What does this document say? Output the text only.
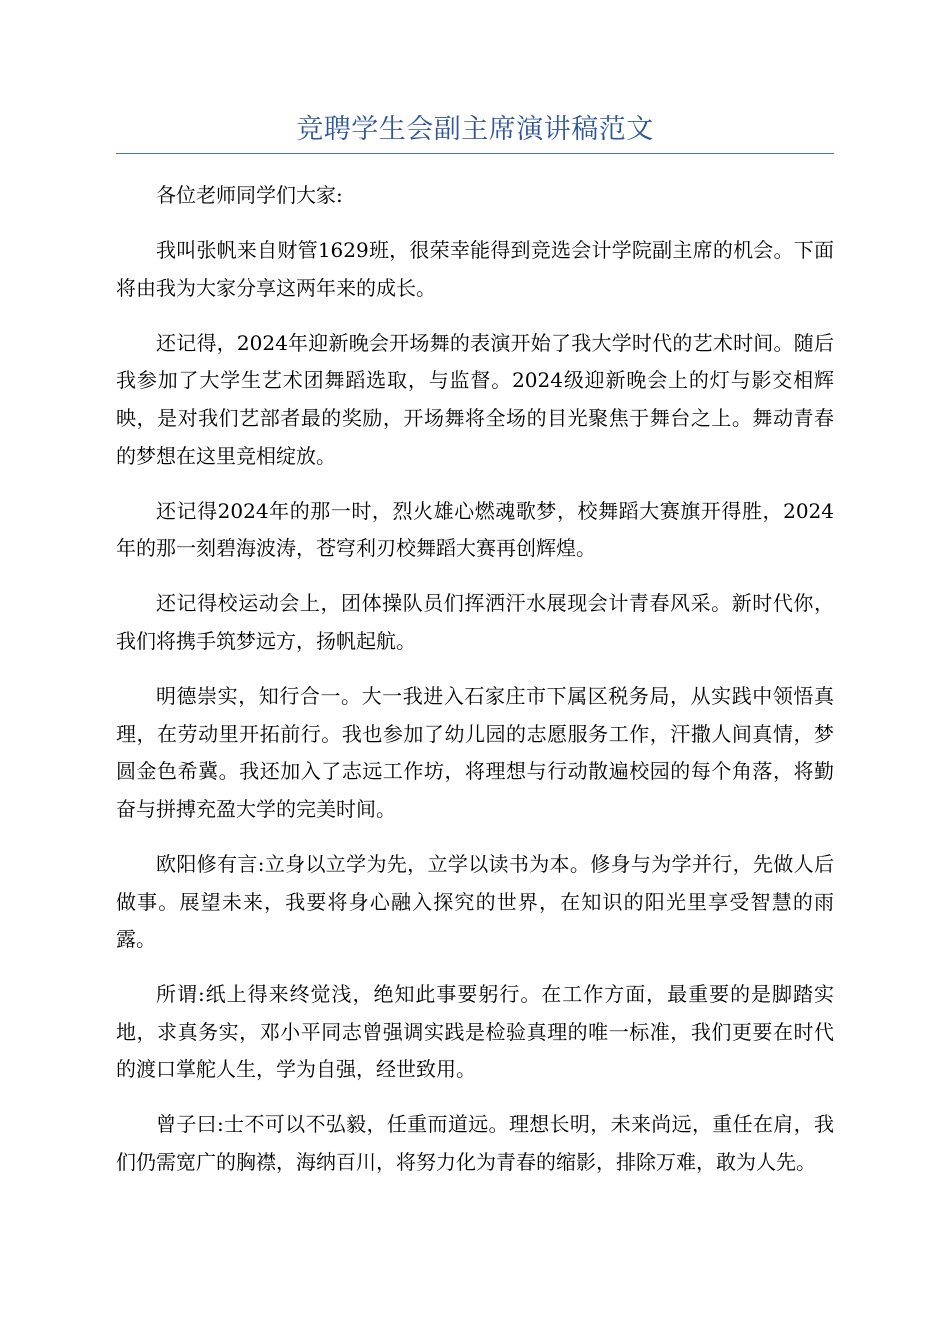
竞聘学生会副主席演讲稿范文

各位老师同学们大家:

我叫张帆来自财管1629班，很荣幸能得到竞选会计学院副主席的机会。下面将由我为大家分享这两年来的成长。

还记得，2024年迎新晚会开场舞的表演开始了我大学时代的艺术时间。随后我参加了大学生艺术团舞蹈选取，与监督。2024级迎新晚会上的灯与影交相辉映，是对我们艺部者最的奖励，开场舞将全场的目光聚焦于舞台之上。舞动青春的梦想在这里竞相绽放。

还记得2024年的那一时，烈火雄心燃魂歌梦，校舞蹈大赛旗开得胜，2024年的那一刻碧海波涛，苍穹利刃校舞蹈大赛再创辉煌。

还记得校运动会上，团体操队员们挥洒汗水展现会计青春风采。新时代你，我们将携手筑梦远方，扬帆起航。

明德崇实，知行合一。大一我进入石家庄市下属区税务局，从实践中领悟真理，在劳动里开拓前行。我也参加了幼儿园的志愿服务工作，汗撒人间真情，梦圆金色希冀。我还加入了志远工作坊，将理想与行动散遍校园的每个角落，将勤奋与拼搏充盈大学的完美时间。

欧阳修有言:立身以立学为先，立学以读书为本。修身与为学并行，先做人后做事。展望未来，我要将身心融入探究的世界，在知识的阳光里享受智慧的雨露。

所谓:纸上得来终觉浅，绝知此事要躬行。在工作方面，最重要的是脚踏实地，求真务实，邓小平同志曾强调实践是检验真理的唯一标准，我们更要在时代的渡口掌舵人生，学为自强，经世致用。

曾子曰:士不可以不弘毅，任重而道远。理想长明，未来尚远，重任在肩，我们仍需宽广的胸襟，海纳百川，将努力化为青春的缩影，排除万难，敢为人先。
